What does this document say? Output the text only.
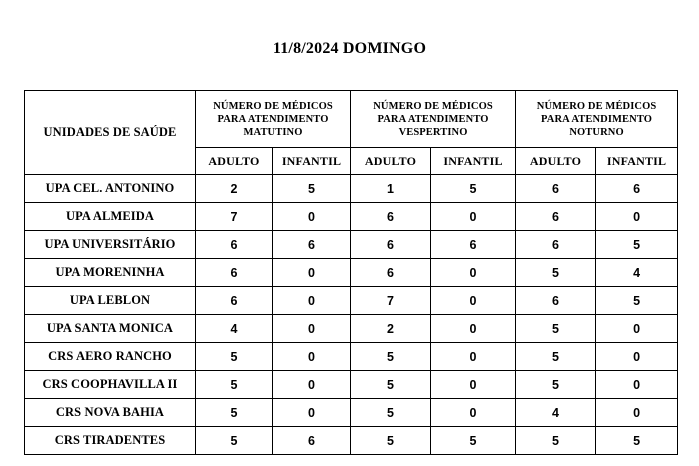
11/8/2024 DOMINGO
UNIDADES DE SAÚDE	
NÚMERO DE MÉDICOS
PARA ATENDIMENTO
MATUTINO

NÚMERO DE MÉDICOS
PARA ATENDIMENTO
VESPERTINO

NÚMERO DE MÉDICOS
PARA ATENDIMENTO
NOTURNO

	ADULTO	INFANTIL	ADULTO	INFANTIL	ADULTO	INFANTIL
UPA CEL. ANTONINO	2	5	1	5	6	6
UPA ALMEIDA	7	0	6	0	6	0
UPA UNIVERSITÁRIO	6	6	6	6	6	5
UPA MORENINHA	6	0	6	0	5	4
UPA LEBLON	6	0	7	0	6	5
UPA SANTA MONICA	4	0	2	0	5	0
CRS AERO RANCHO	5	0	5	0	5	0
CRS COOPHAVILLA II	5	0	5	0	5	0
CRS NOVA BAHIA	5	0	5	0	4	0
CRS TIRADENTES	5	6	5	5	5	5
